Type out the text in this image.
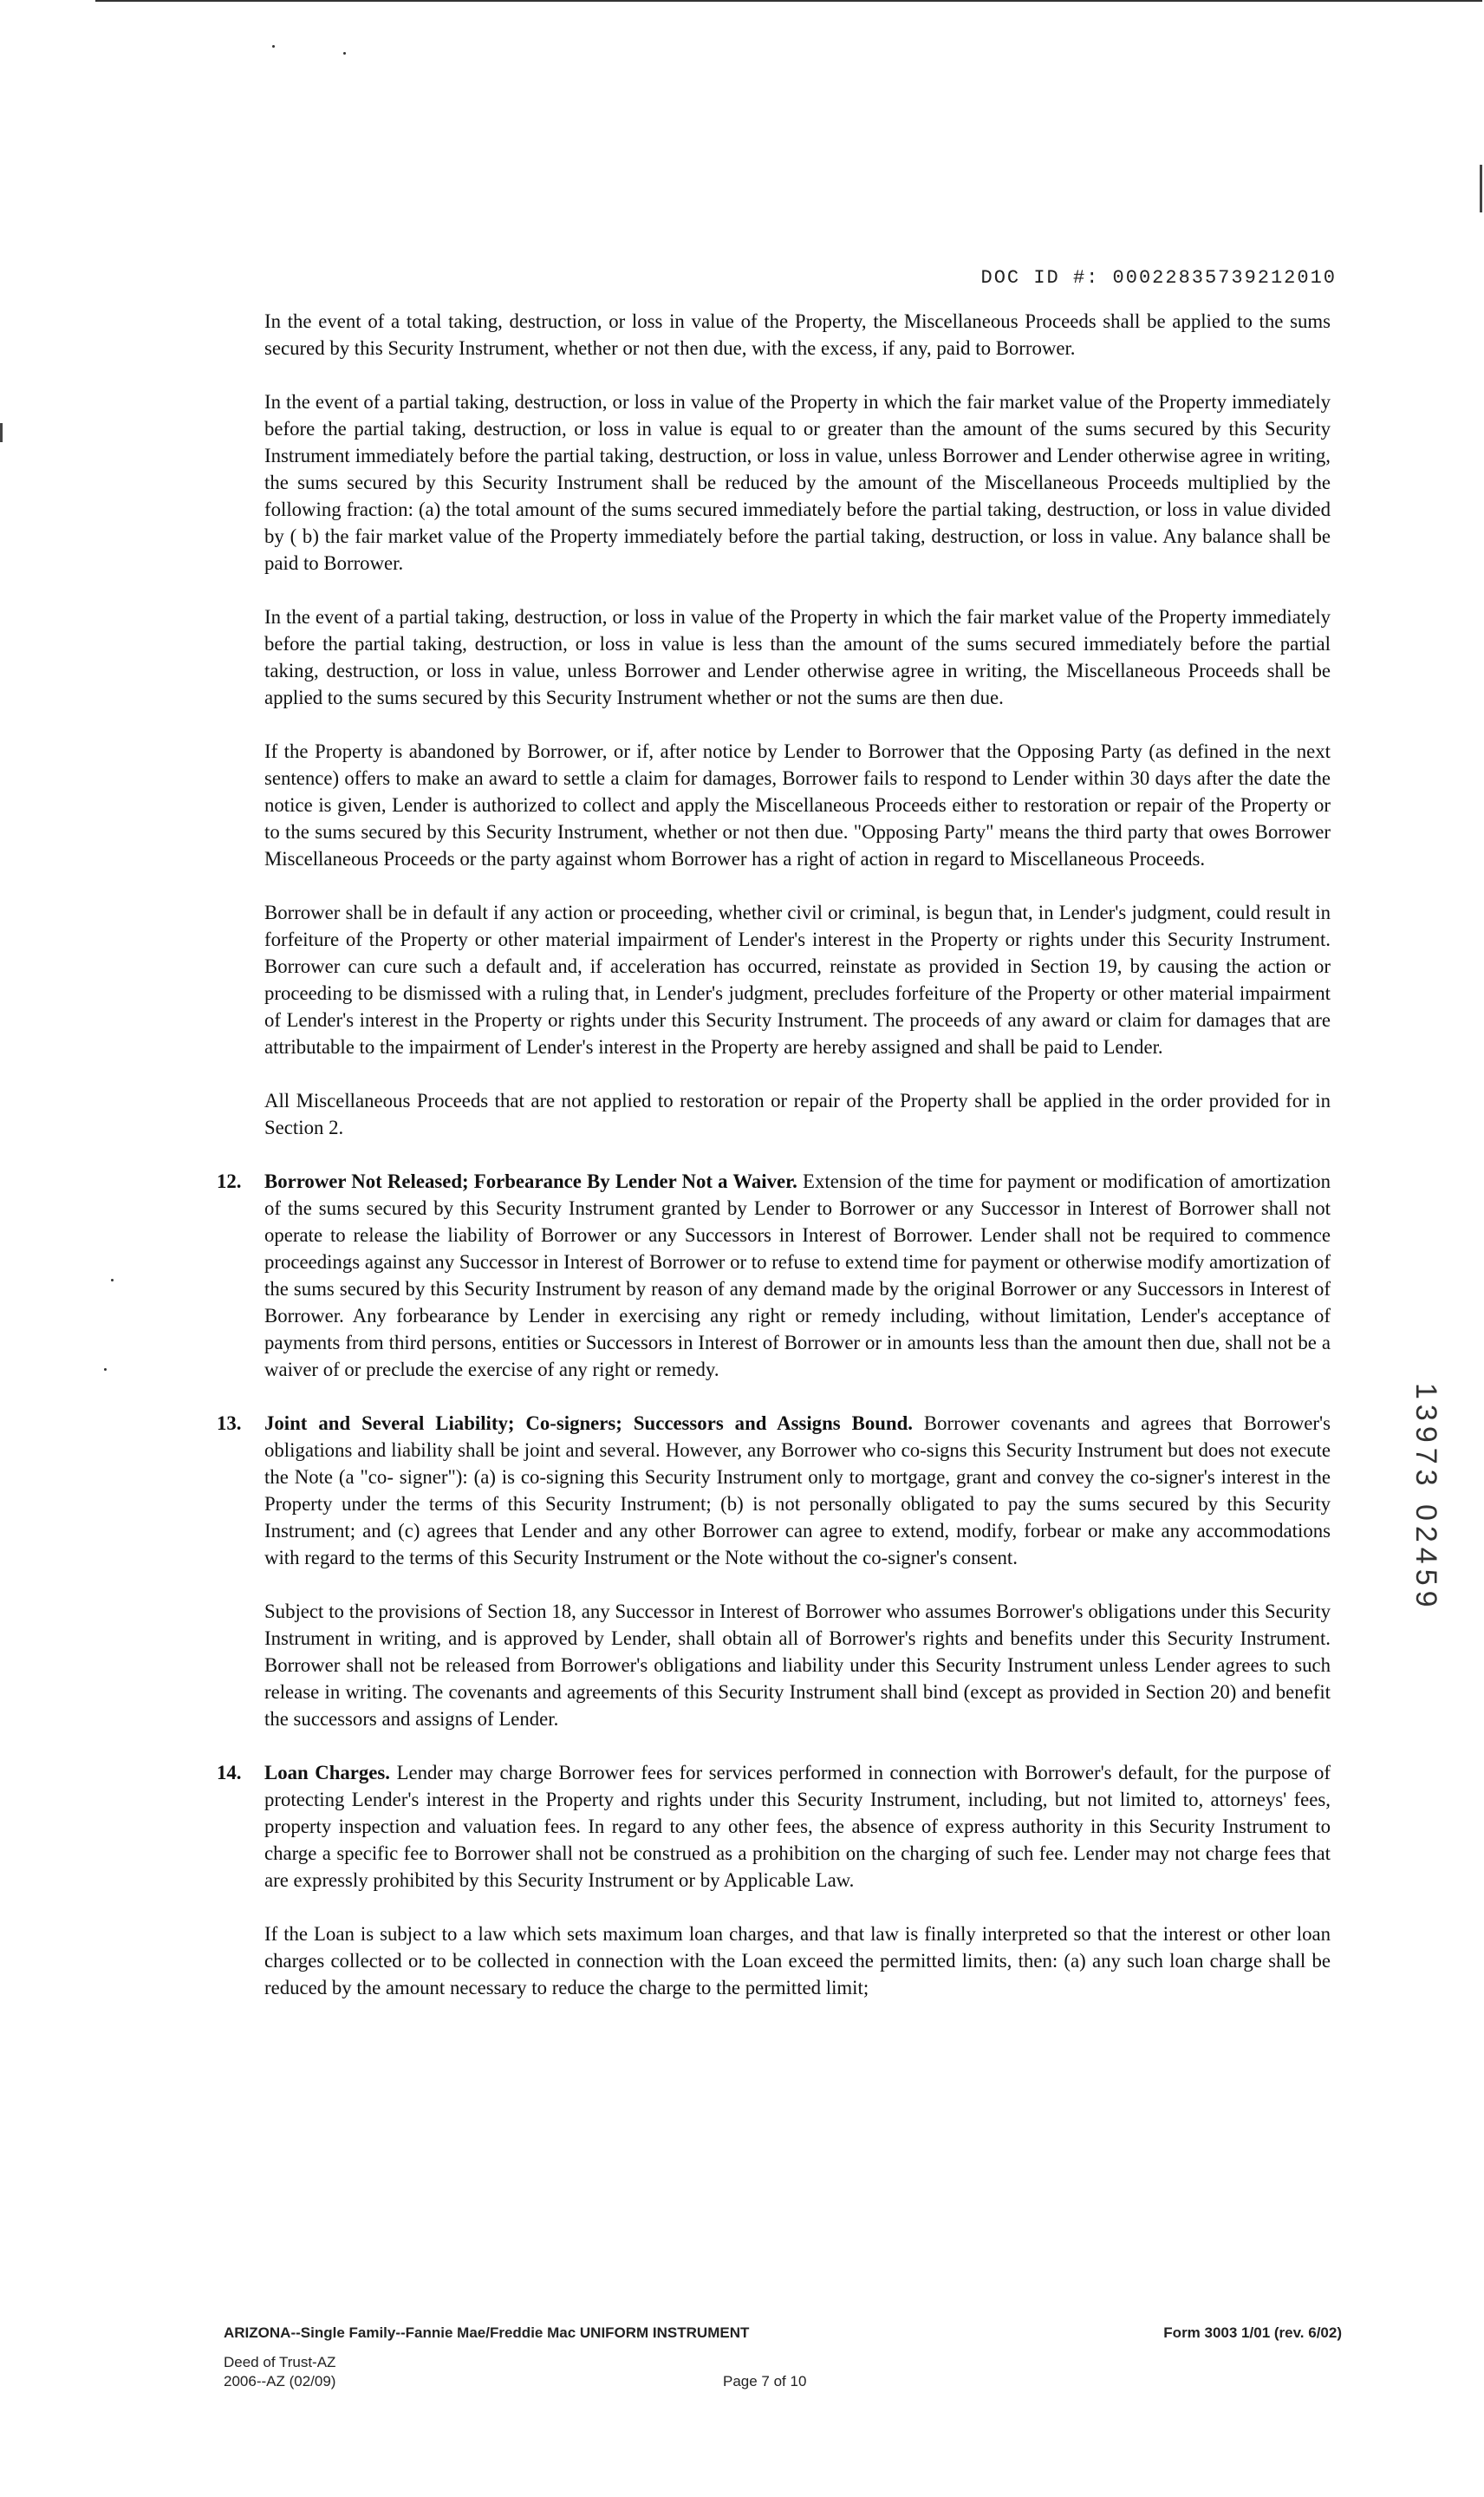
DOC ID #: 00022835739212010

In the event of a total taking, destruction, or loss in value of the Property, the Miscellaneous Proceeds shall be applied to the sums secured by this Security Instrument, whether or not then due, with the excess, if any, paid to Borrower.

In the event of a partial taking, destruction, or loss in value of the Property in which the fair market value of the Property immediately before the partial taking, destruction, or loss in value is equal to or greater than the amount of the sums secured by this Security Instrument immediately before the partial taking, destruction, or loss in value, unless Borrower and Lender otherwise agree in writing, the sums secured by this Security Instrument shall be reduced by the amount of the Miscellaneous Proceeds multiplied by the following fraction: (a) the total amount of the sums secured immediately before the partial taking, destruction, or loss in value divided by ( b) the fair market value of the Property immediately before the partial taking, destruction, or loss in value. Any balance shall be paid to Borrower.

In the event of a partial taking, destruction, or loss in value of the Property in which the fair market value of the Property immediately before the partial taking, destruction, or loss in value is less than the amount of the sums secured immediately before the partial taking, destruction, or loss in value, unless Borrower and Lender otherwise agree in writing, the Miscellaneous Proceeds shall be applied to the sums secured by this Security Instrument whether or not the sums are then due.

If the Property is abandoned by Borrower, or if, after notice by Lender to Borrower that the Opposing Party (as defined in the next sentence) offers to make an award to settle a claim for damages, Borrower fails to respond to Lender within 30 days after the date the notice is given, Lender is authorized to collect and apply the Miscellaneous Proceeds either to restoration or repair of the Property or to the sums secured by this Security Instrument, whether or not then due. "Opposing Party" means the third party that owes Borrower Miscellaneous Proceeds or the party against whom Borrower has a right of action in regard to Miscellaneous Proceeds.

Borrower shall be in default if any action or proceeding, whether civil or criminal, is begun that, in Lender's judgment, could result in forfeiture of the Property or other material impairment of Lender's interest in the Property or rights under this Security Instrument. Borrower can cure such a default and, if acceleration has occurred, reinstate as provided in Section 19, by causing the action or proceeding to be dismissed with a ruling that, in Lender's judgment, precludes forfeiture of the Property or other material impairment of Lender's interest in the Property or rights under this Security Instrument. The proceeds of any award or claim for damages that are attributable to the impairment of Lender's interest in the Property are hereby assigned and shall be paid to Lender.

All Miscellaneous Proceeds that are not applied to restoration or repair of the Property shall be applied in the order provided for in Section 2.

12. Borrower Not Released; Forbearance By Lender Not a Waiver. Extension of the time for payment or modification of amortization of the sums secured by this Security Instrument granted by Lender to Borrower or any Successor in Interest of Borrower shall not operate to release the liability of Borrower or any Successors in Interest of Borrower. Lender shall not be required to commence proceedings against any Successor in Interest of Borrower or to refuse to extend time for payment or otherwise modify amortization of the sums secured by this Security Instrument by reason of any demand made by the original Borrower or any Successors in Interest of Borrower. Any forbearance by Lender in exercising any right or remedy including, without limitation, Lender's acceptance of payments from third persons, entities or Successors in Interest of Borrower or in amounts less than the amount then due, shall not be a waiver of or preclude the exercise of any right or remedy.

13. Joint and Several Liability; Co-signers; Successors and Assigns Bound. Borrower covenants and agrees that Borrower's obligations and liability shall be joint and several. However, any Borrower who co-signs this Security Instrument but does not execute the Note (a "co- signer"): (a) is co-signing this Security Instrument only to mortgage, grant and convey the co-signer's interest in the Property under the terms of this Security Instrument; (b) is not personally obligated to pay the sums secured by this Security Instrument; and (c) agrees that Lender and any other Borrower can agree to extend, modify, forbear or make any accommodations with regard to the terms of this Security Instrument or the Note without the co-signer's consent.

Subject to the provisions of Section 18, any Successor in Interest of Borrower who assumes Borrower's obligations under this Security Instrument in writing, and is approved by Lender, shall obtain all of Borrower's rights and benefits under this Security Instrument. Borrower shall not be released from Borrower's obligations and liability under this Security Instrument unless Lender agrees to such release in writing. The covenants and agreements of this Security Instrument shall bind (except as provided in Section 20) and benefit the successors and assigns of Lender.

14. Loan Charges. Lender may charge Borrower fees for services performed in connection with Borrower's default, for the purpose of protecting Lender's interest in the Property and rights under this Security Instrument, including, but not limited to, attorneys' fees, property inspection and valuation fees. In regard to any other fees, the absence of express authority in this Security Instrument to charge a specific fee to Borrower shall not be construed as a prohibition on the charging of such fee. Lender may not charge fees that are expressly prohibited by this Security Instrument or by Applicable Law.

If the Loan is subject to a law which sets maximum loan charges, and that law is finally interpreted so that the interest or other loan charges collected or to be collected in connection with the Loan exceed the permitted limits, then: (a) any such loan charge shall be reduced by the amount necessary to reduce the charge to the permitted limit;

13973 02459
ARIZONA--Single Family--Fannie Mae/Freddie Mac UNIFORM INSTRUMENT	Form 3003 1/01 (rev. 6/02)
Deed of Trust-AZ
2006--AZ (02/09)	Page 7 of 10
